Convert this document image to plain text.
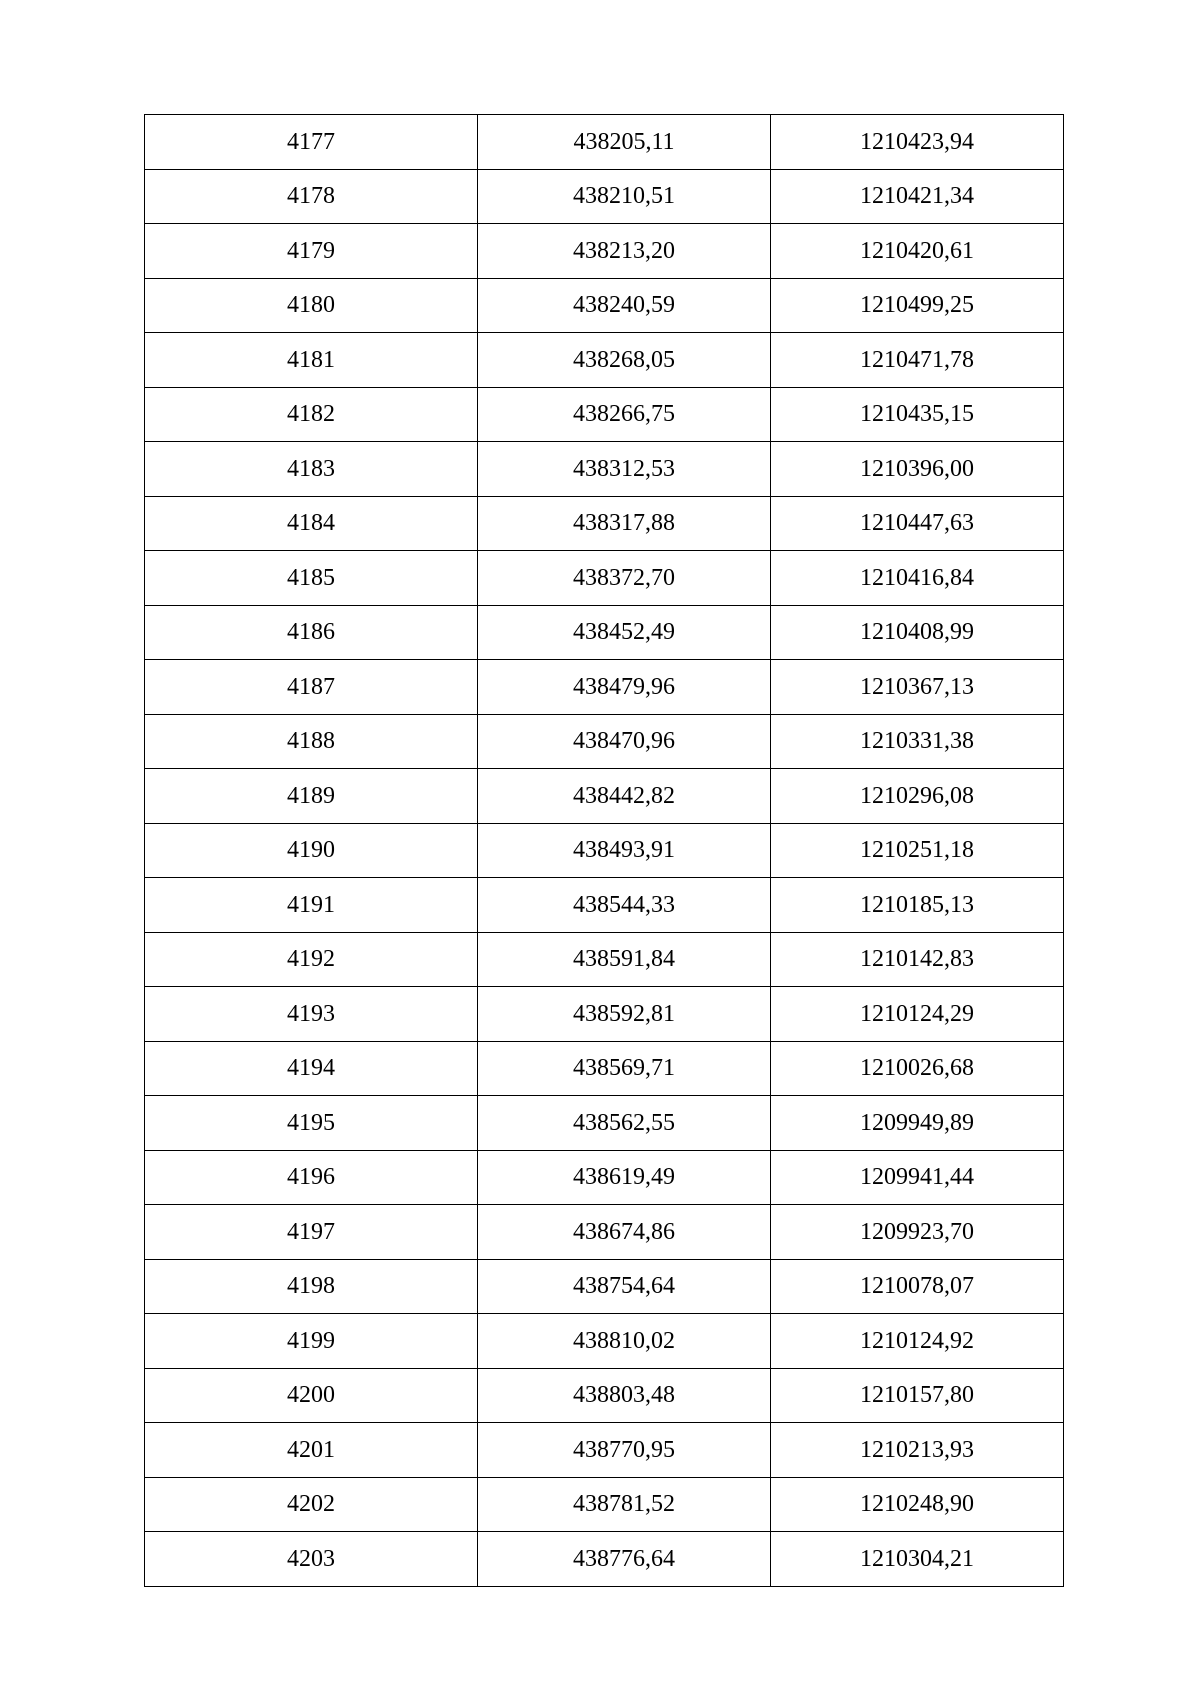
4177	438205,11	1210423,94
4178	438210,51	1210421,34
4179	438213,20	1210420,61
4180	438240,59	1210499,25
4181	438268,05	1210471,78
4182	438266,75	1210435,15
4183	438312,53	1210396,00
4184	438317,88	1210447,63
4185	438372,70	1210416,84
4186	438452,49	1210408,99
4187	438479,96	1210367,13
4188	438470,96	1210331,38
4189	438442,82	1210296,08
4190	438493,91	1210251,18
4191	438544,33	1210185,13
4192	438591,84	1210142,83
4193	438592,81	1210124,29
4194	438569,71	1210026,68
4195	438562,55	1209949,89
4196	438619,49	1209941,44
4197	438674,86	1209923,70
4198	438754,64	1210078,07
4199	438810,02	1210124,92
4200	438803,48	1210157,80
4201	438770,95	1210213,93
4202	438781,52	1210248,90
4203	438776,64	1210304,21
